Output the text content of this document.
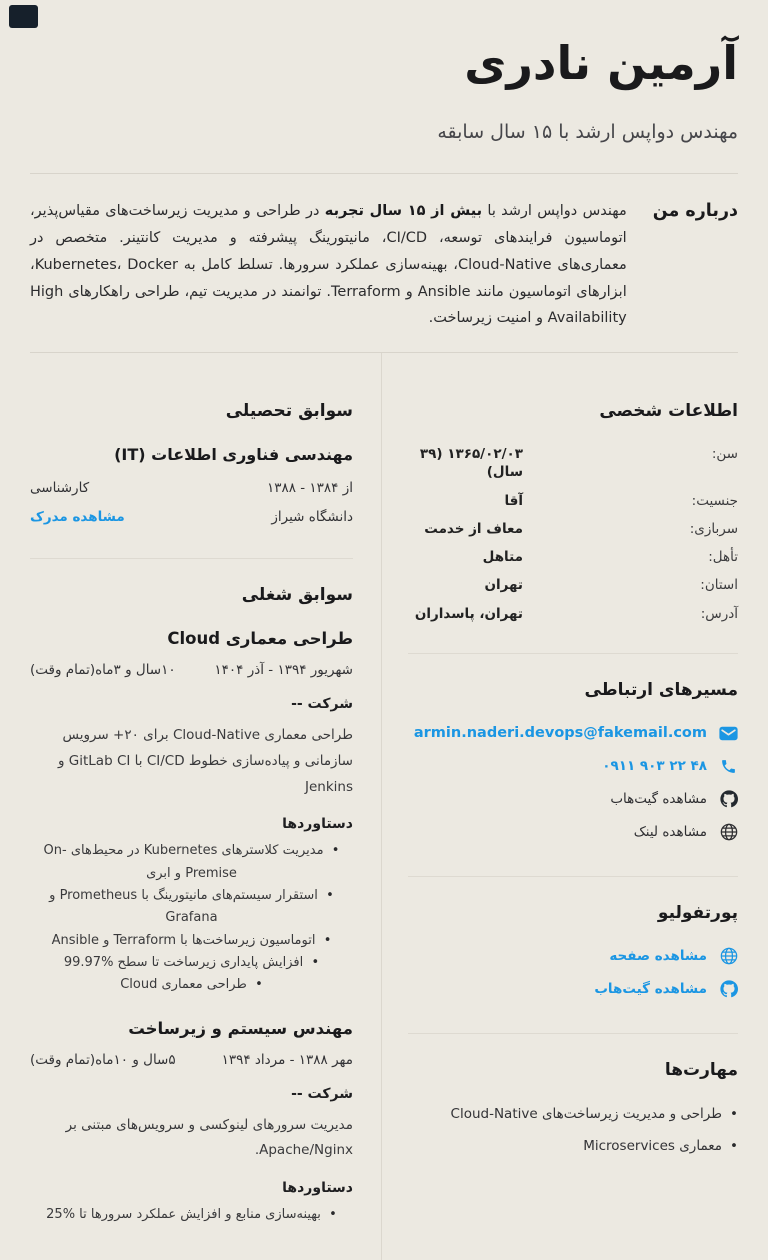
آرمین نادری

مهندس دواپس ارشد با ۱۵ سال سابقه

درباره من

مهندس دواپس ارشد با بیش از ۱۵ سال تجربه در طراحی و مدیریت زیرساخت‌های مقیاس‌پذیر، اتوماسیون فرایندهای توسعه، CI/CD، مانیتورینگ پیشرفته و مدیریت کانتینر. متخصص در معماری‌های Cloud-Native، بهینه‌سازی عملکرد سرورها. تسلط کامل به Kubernetes، Docker، ابزارهای اتوماسیون مانند Ansible و Terraform. توانمند در مدیریت تیم، طراحی راهکارهای High Availability و امنیت زیرساخت.

اطلاعات شخصی
سن:
۱۳۶۵/۰۲/۰۳ (۳۹ سال)
جنسیت:
آقا
سربازی:
معاف از خدمت
تأهل:
متاهل
استان:
تهران
آدرس:
تهران، پاسداران
مسیرهای ارتباطی
armin.naderi.devops@fakemail.com
۰۹۱۱ ۹۰۳ ۲۲ ۴۸
مشاهده گیت‌هاب
مشاهده لینک
پورتفولیو
مشاهده صفحه
مشاهده گیت‌هاب
مهارت‌ها
• طراحی و مدیریت زیرساخت‌های Cloud-Native
• معماری Microservices
سوابق تحصیلی
مهندسی فناوری اطلاعات (IT)
از ۱۳۸۴ - ۱۳۸۸
کارشناسی
دانشگاه شیراز
مشاهده مدرک
سوابق شغلی
طراحی معماری Cloud
شهریور ۱۳۹۴ - آذر ۱۴۰۴
۱۰سال و ۳ماه(تمام وقت)

شرکت --

طراحی معماری Cloud-Native برای ۲۰+ سرویس سازمانی و پیاده‌سازی خطوط CI/CD با GitLab CI و Jenkins

دستاوردها

•  مدیریت کلاسترهای Kubernetes در محیط‌های On-Premise و ابری
•  استقرار سیستم‌های مانیتورینگ با Prometheus و Grafana
•  اتوماسیون زیرساخت‌ها با Terraform و Ansible
•  افزایش پایداری زیرساخت تا سطح %99.97
•  طراحی معماری Cloud
مهندس سیستم و زیرساخت
مهر ۱۳۸۸ - مرداد ۱۳۹۴
۵سال و ۱۰ماه(تمام وقت)

شرکت --

مدیریت سرورهای لینوکسی و سرویس‌های مبتنی بر Apache/Nginx.

دستاوردها

•  بهینه‌سازی منابع و افزایش عملکرد سرورها تا %25
